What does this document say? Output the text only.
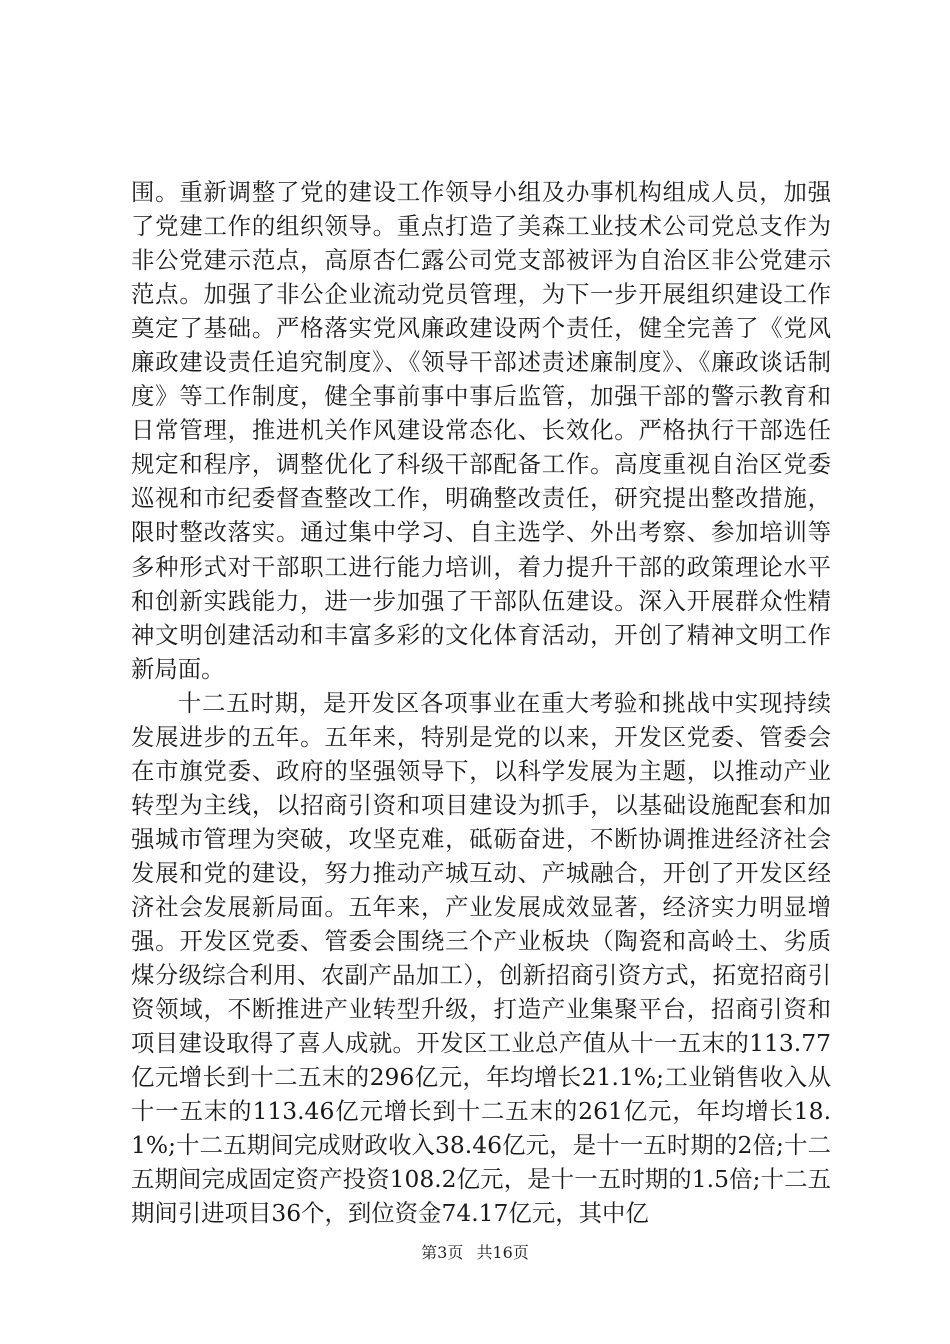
围。重新调整了党的建设工作领导小组及办事机构组成人员，加强了党建工作的组织领导。重点打造了美森工业技术公司党总支作为非公党建示范点，高原杏仁露公司党支部被评为自治区非公党建示范点。加强了非公企业流动党员管理，为下一步开展组织建设工作奠定了基础。严格落实党风廉政建设两个责任，健全完善了《党风廉政建设责任追究制度》、《领导干部述责述廉制度》、《廉政谈话制度》等工作制度，健全事前事中事后监管，加强干部的警示教育和日常管理，推进机关作风建设常态化、长效化。严格执行干部选任规定和程序，调整优化了科级干部配备工作。高度重视自治区党委巡视和市纪委督查整改工作，明确整改责任，研究提出整改措施，限时整改落实。通过集中学习、自主选学、外出考察、参加培训等多种形式对干部职工进行能力培训，着力提升干部的政策理论水平和创新实践能力，进一步加强了干部队伍建设。深入开展群众性精神文明创建活动和丰富多彩的文化体育活动，开创了精神文明工作新局面。

十二五时期，是开发区各项事业在重大考验和挑战中实现持续发展进步的五年。五年来，特别是党的以来，开发区党委、管委会在市旗党委、政府的坚强领导下，以科学发展为主题，以推动产业转型为主线，以招商引资和项目建设为抓手，以基础设施配套和加强城市管理为突破，攻坚克难，砥砺奋进，不断协调推进经济社会发展和党的建设，努力推动产城互动、产城融合，开创了开发区经济社会发展新局面。五年来，产业发展成效显著，经济实力明显增强。开发区党委、管委会围绕三个产业板块（陶瓷和高岭土、劣质煤分级综合利用、农副产品加工），创新招商引资方式，拓宽招商引资领域，不断推进产业转型升级，打造产业集聚平台，招商引资和项目建设取得了喜人成就。开发区工业总产值从十一五末的113.77亿元增长到十二五末的296亿元，年均增长21.1%;工业销售收入从十一五末的113.46亿元增长到十二五末的261亿元，年均增长18.1%;十二五期间完成财政收入38.46亿元，是十一五时期的2倍;十二五期间完成固定资产投资108.2亿元，是十一五时期的1.5倍;十二五期间引进项目36个，到位资金74.17亿元，其中亿

第3页 共16页
